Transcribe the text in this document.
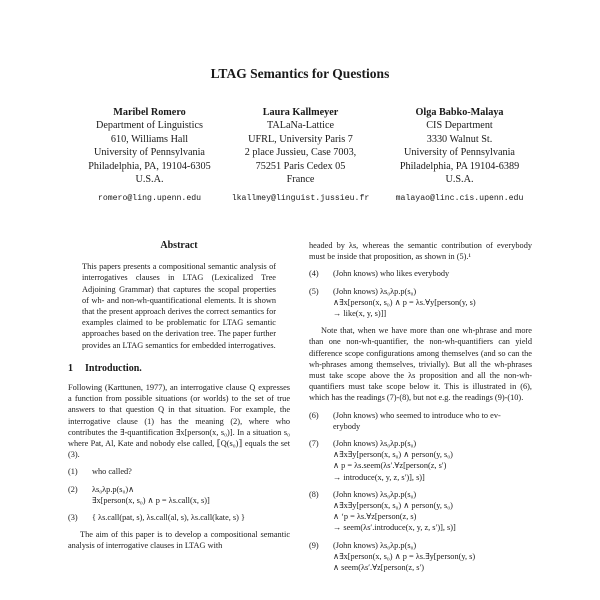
LTAG Semantics for Questions
Maribel Romero
Department of Linguistics
610, Williams Hall
University of Pennsylvania
Philadelphia, PA, 19104-6305
U.S.A.
romero@ling.upenn.edu
Laura Kallmeyer
TALaNa-Lattice
UFRL, University Paris 7
2 place Jussieu, Case 7003,
75251 Paris Cedex 05
France
lkallmey@linguist.jussieu.fr
Olga Babko-Malaya
CIS Department
3330 Walnut St.
University of Pennsylvania
Philadelphia, PA 19104-6389
U.S.A.
malayao@linc.cis.upenn.edu
Abstract

This papers presents a compositional semantic analysis of interrogatives clauses in LTAG (Lexicalized Tree Adjoining Grammar) that captures the scopal properties of wh- and non-wh-quantificational elements. It is shown that the present approach derives the correct semantics for examples claimed to be problematic for LTAG semantic approaches based on the derivation tree. The paper further provides an LTAG semantics for embedded interrogatives.

1 Introduction.

Following (Karttunen, 1977), an interrogative clause Q expresses a function from possible situations (or worlds) to the set of true answers to that question Q in that situation. For example, the interrogative clause (1) has the meaning (2), where who contributes the ∃-quantification ∃x[person(x, s₀)]. In a situation s₀ where Pat, Al, Kate and nobody else called, ⟦Q(s₀)⟧ equals the set (3).

(1)	who called?
(2)	λs₀λp.p(s₀)∧
∃x[person(x, s₀) ∧ p = λs.call(x, s)]
(3)	{ λs.call(pat, s), λs.call(al, s), λs.call(kate, s) }

The aim of this paper is to develop a compositional semantic analysis of interrogative clauses in LTAG with

headed by λs, whereas the semantic contribution of everybody must be inside that proposition, as shown in (5).¹

(4)	(John knows) who likes everybody
(5)	(John knows) λs₀λp.p(s₀)
∧∃x[person(x, s₀) ∧ p = λs.∀y[person(y, s)
→ like(x, y, s)]]

Note that, when we have more than one wh-phrase and more than one non-wh-quantifier, the non-wh-quantifiers can yield difference scope configurations among themselves (and so can the wh-phrases among themselves, trivially). But all the wh-phrases must take scope above the λs proposition and all the non-wh-quantifiers must take scope below it. This is illustrated in (6), which has the readings (7)-(8), but not e.g. the readings (9)-(10).

(6)	(John knows) who seemed to introduce who to ev-
erybody
(7)	(John knows) λs₀λp.p(s₀)
∧∃x∃y[person(x, s₀) ∧ person(y, s₀)
∧ p = λs.seem(λs′.∀z[person(z, s′)
→ introduce(x, y, z, s′)], s)]
(8)	(John knows) λs₀λp.p(s₀)
∧∃x∃y[person(x, s₀) ∧ person(y, s₀)
∧ ‘p = λs.∀z[person(z, s)
→ seem(λs′.introduce(x, y, z, s′)], s)]
(9)	(John knows) λs₀λp.p(s₀)
∧∃x[person(x, s₀) ∧ p = λs.∃y[person(y, s)
∧ seem(λs′.∀z[person(z, s′)
